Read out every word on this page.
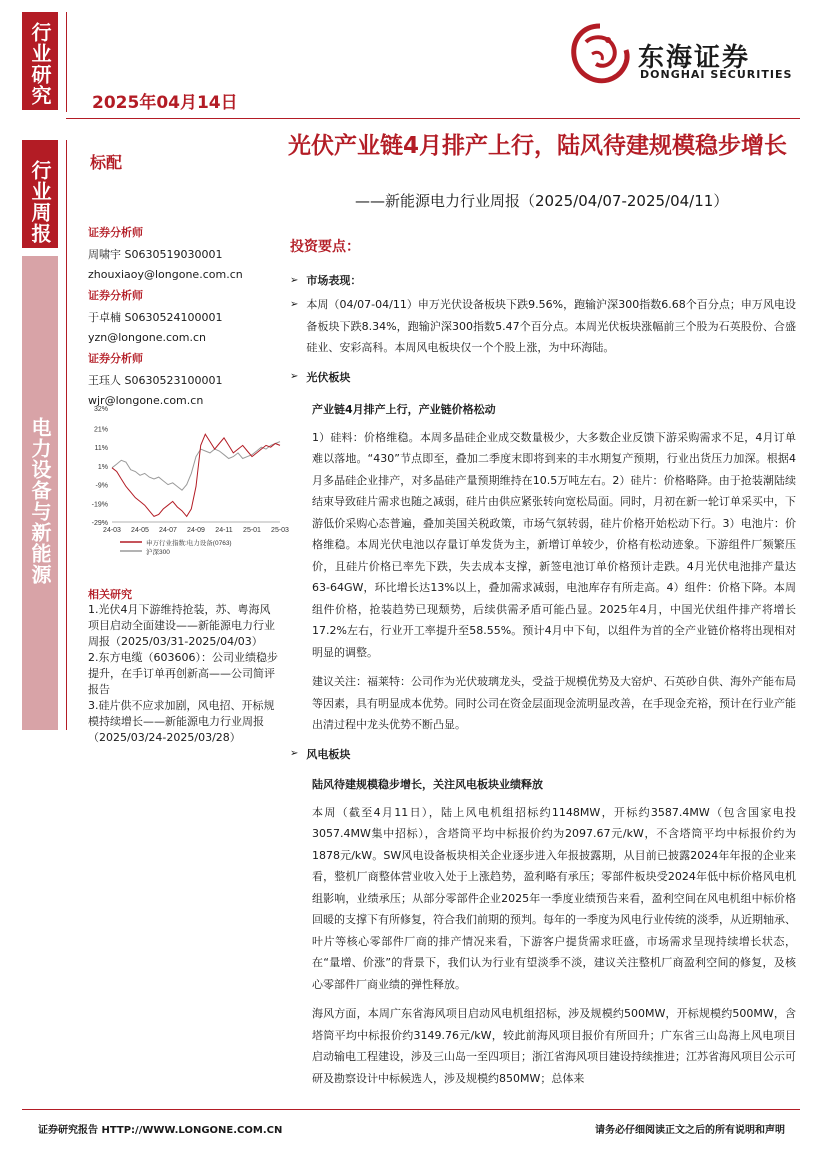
行业研究
行业周报
电力设备与新能源
2025年04月14日
东海证券
DONGHAI SECURITIES
标配
证券分析师
周啸宇 S0630519030001
zhouxiaoy@longone.com.cn
证券分析师
于卓楠 S0630524100001
yzn@longone.com.cn
证券分析师
王珏人 S0630523100001
wjr@longone.com.cn
32%
21%
11%
1%
-9%
-19%
-29%
24-03 24-05 24-07 24-09 24-11 25-01 25-03
申万行业指数:电力设备(0763)
沪深300
相关研究
1.光伏4月下游维持抢装，苏、粤海风项目启动全面建设——新能源电力行业周报（2025/03/31-2025/04/03）
2.东方电缆（603606）：公司业绩稳步提升，在手订单再创新高——公司简评报告
3.硅片供不应求加剧，风电招、开标规模持续增长——新能源电力行业周报（2025/03/24-2025/03/28）
光伏产业链4月排产上行，陆风待建规模稳步增长
——新能源电力行业周报（2025/04/07-2025/04/11）
投资要点：
➢ 市场表现：
➢ 本周（04/07-04/11）申万光伏设备板块下跌9.56%，跑输沪深300指数6.68个百分点；申万风电设备板块下跌8.34%，跑输沪深300指数5.47个百分点。本周光伏板块涨幅前三个股为石英股份、合盛硅业、安彩高科。本周风电板块仅一个个股上涨，为中环海陆。
➢ 光伏板块
产业链4月排产上行，产业链价格松动
1）硅料：价格维稳。本周多晶硅企业成交数量极少，大多数企业反馈下游采购需求不足，4月订单难以落地。“430”节点即至，叠加二季度末即将到来的丰水期复产预期，行业出货压力加深。根据4月多晶硅企业排产，对多晶硅产量预期维持在10.5万吨左右。2）硅片：价格略降。由于抢装潮陆续结束导致硅片需求也随之减弱，硅片由供应紧张转向宽松局面。同时，月初在新一轮订单采买中，下游低价采购心态普遍，叠加美国关税政策，市场气氛转弱，硅片价格开始松动下行。3）电池片：价格维稳。本周光伏电池以存量订单发货为主，新增订单较少，价格有松动迹象。下游组件厂频繁压价，且硅片价格已率先下跌，失去成本支撑，新签电池订单价格预计走跌。4月光伏电池排产量达63-64GW，环比增长达13%以上，叠加需求减弱，电池库存有所走高。4）组件：价格下降。本周组件价格，抢装趋势已现颓势，后续供需矛盾可能凸显。2025年4月，中国光伏组件排产将增长17.2%左右，行业开工率提升至58.55%。预计4月中下旬，以组件为首的全产业链价格将出现相对明显的调整。
建议关注：福莱特：公司作为光伏玻璃龙头，受益于规模优势及大窑炉、石英砂自供、海外产能布局等因素，具有明显成本优势。同时公司在资金层面现金流明显改善，在手现金充裕，预计在行业产能出清过程中龙头优势不断凸显。
➢ 风电板块
陆风待建规模稳步增长，关注风电板块业绩释放
本周（截至4月11日），陆上风电机组招标约1148MW，开标约3587.4MW（包含国家电投3057.4MW集中招标），含塔筒平均中标报价约为2097.67元/kW，不含塔筒平均中标报价约为1878元/kW。SW风电设备板块相关企业逐步进入年报披露期，从目前已披露2024年年报的企业来看，整机厂商整体营业收入处于上涨趋势，盈利略有承压；零部件板块受2024年低中标价格风电机组影响，业绩承压；从部分零部件企业2025年一季度业绩预告来看，盈利空间在风电机组中标价格回暖的支撑下有所修复，符合我们前期的预判。每年的一季度为风电行业传统的淡季，从近期轴承、叶片等核心零部件厂商的排产情况来看，下游客户提货需求旺盛，市场需求呈现持续增长状态，在“量增、价涨”的背景下，我们认为行业有望淡季不淡，建议关注整机厂商盈利空间的修复，及核心零部件厂商业绩的弹性释放。
海风方面，本周广东省海风项目启动风电机组招标，涉及规模约500MW，开标规模约500MW，含塔筒平均中标报价约3149.76元/kW，较此前海风项目报价有所回升；广东省三山岛海上风电项目启动输电工程建设，涉及三山岛一至四项目；浙江省海风项目建设持续推进；江苏省海风项目公示可研及勘察设计中标候选人，涉及规模约850MW；总体来
证券研究报告 HTTP://WWW.LONGONE.COM.CN	请务必仔细阅读正文之后的所有说明和声明
